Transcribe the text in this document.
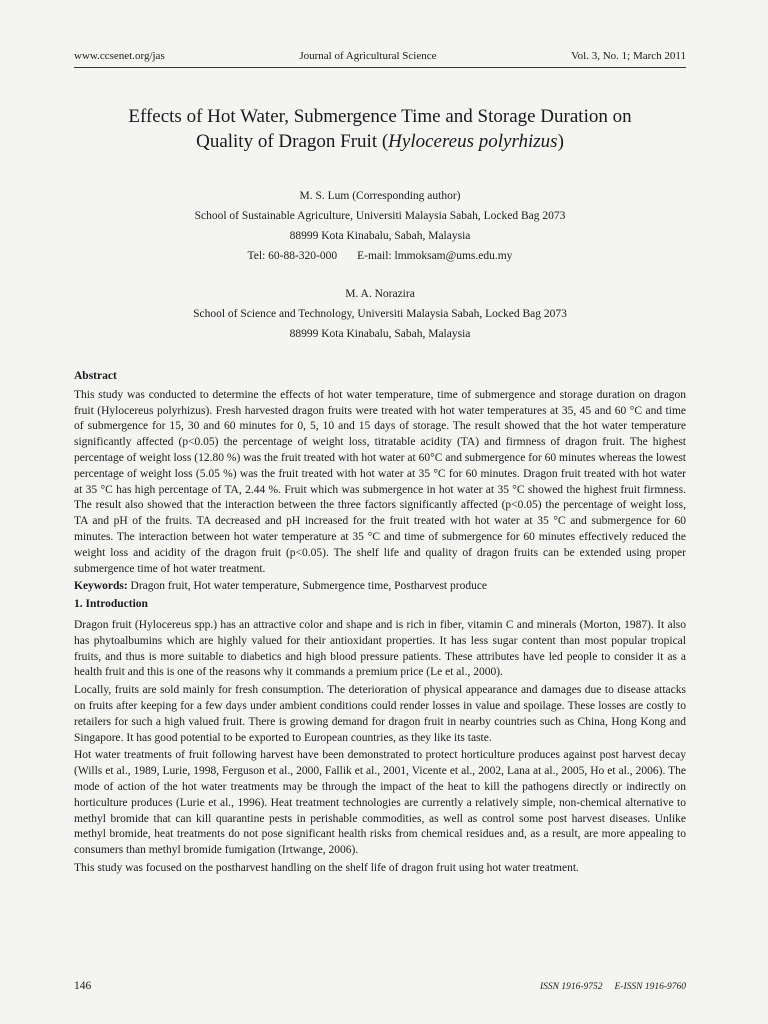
www.ccsenet.org/jas	Journal of Agricultural Science	Vol. 3, No. 1; March 2011
Effects of Hot Water, Submergence Time and Storage Duration on
Quality of Dragon Fruit (Hylocereus polyrhizus)
M. S. Lum (Corresponding author)
School of Sustainable Agriculture, Universiti Malaysia Sabah, Locked Bag 2073
88999 Kota Kinabalu, Sabah, Malaysia
Tel: 60-88-320-000 E-mail: lmmoksam@ums.edu.my
M. A. Norazira
School of Science and Technology, Universiti Malaysia Sabah, Locked Bag 2073
88999 Kota Kinabalu, Sabah, Malaysia
Abstract

This study was conducted to determine the effects of hot water temperature, time of submergence and storage duration on dragon fruit (Hylocereus polyrhizus). Fresh harvested dragon fruits were treated with hot water temperatures at 35, 45 and 60 °C and time of submergence for 15, 30 and 60 minutes for 0, 5, 10 and 15 days of storage. The result showed that the hot water temperature significantly affected (p<0.05) the percentage of weight loss, titratable acidity (TA) and firmness of dragon fruit. The highest percentage of weight loss (12.80 %) was the fruit treated with hot water at 60°C and submergence for 60 minutes whereas the lowest percentage of weight loss (5.05 %) was the fruit treated with hot water at 35 °C for 60 minutes. Dragon fruit treated with hot water at 35 °C has high percentage of TA, 2.44 %. Fruit which was submergence in hot water at 35 °C showed the highest fruit firmness. The result also showed that the interaction between the three factors significantly affected (p<0.05) the percentage of weight loss, TA and pH of the fruits. TA decreased and pH increased for the fruit treated with hot water at 35 °C and submergence for 60 minutes. The interaction between hot water temperature at 35 °C and time of submergence for 60 minutes effectively reduced the weight loss and acidity of the dragon fruit (p<0.05). The shelf life and quality of dragon fruits can be extended using proper submergence time of hot water treatment.

Keywords: Dragon fruit, Hot water temperature, Submergence time, Postharvest produce

1. Introduction

Dragon fruit (Hylocereus spp.) has an attractive color and shape and is rich in fiber, vitamin C and minerals (Morton, 1987). It also has phytoalbumins which are highly valued for their antioxidant properties. It has less sugar content than most popular tropical fruits, and thus is more suitable to diabetics and high blood pressure patients. These attributes have led people to consider it as a health fruit and this is one of the reasons why it commands a premium price (Le et al., 2000).

Locally, fruits are sold mainly for fresh consumption. The deterioration of physical appearance and damages due to disease attacks on fruits after keeping for a few days under ambient conditions could render losses in value and spoilage. These losses are costly to retailers for such a high valued fruit. There is growing demand for dragon fruit in nearby countries such as China, Hong Kong and Singapore. It has good potential to be exported to European countries, as they like its taste.

Hot water treatments of fruit following harvest have been demonstrated to protect horticulture produces against post harvest decay (Wills et al., 1989, Lurie, 1998, Ferguson et al., 2000, Fallik et al., 2001, Vicente et al., 2002, Lana at al., 2005, Ho et al., 2006). The mode of action of the hot water treatments may be through the impact of the heat to kill the pathogens directly or indirectly on horticulture produces (Lurie et al., 1996). Heat treatment technologies are currently a relatively simple, non-chemical alternative to methyl bromide that can kill quarantine pests in perishable commodities, as well as control some post harvest diseases. Unlike methyl bromide, heat treatments do not pose significant health risks from chemical residues and, as a result, are more appealing to consumers than methyl bromide fumigation (Irtwange, 2006).

This study was focused on the postharvest handling on the shelf life of dragon fruit using hot water treatment.

146	ISSN 1916-9752 E-ISSN 1916-9760
